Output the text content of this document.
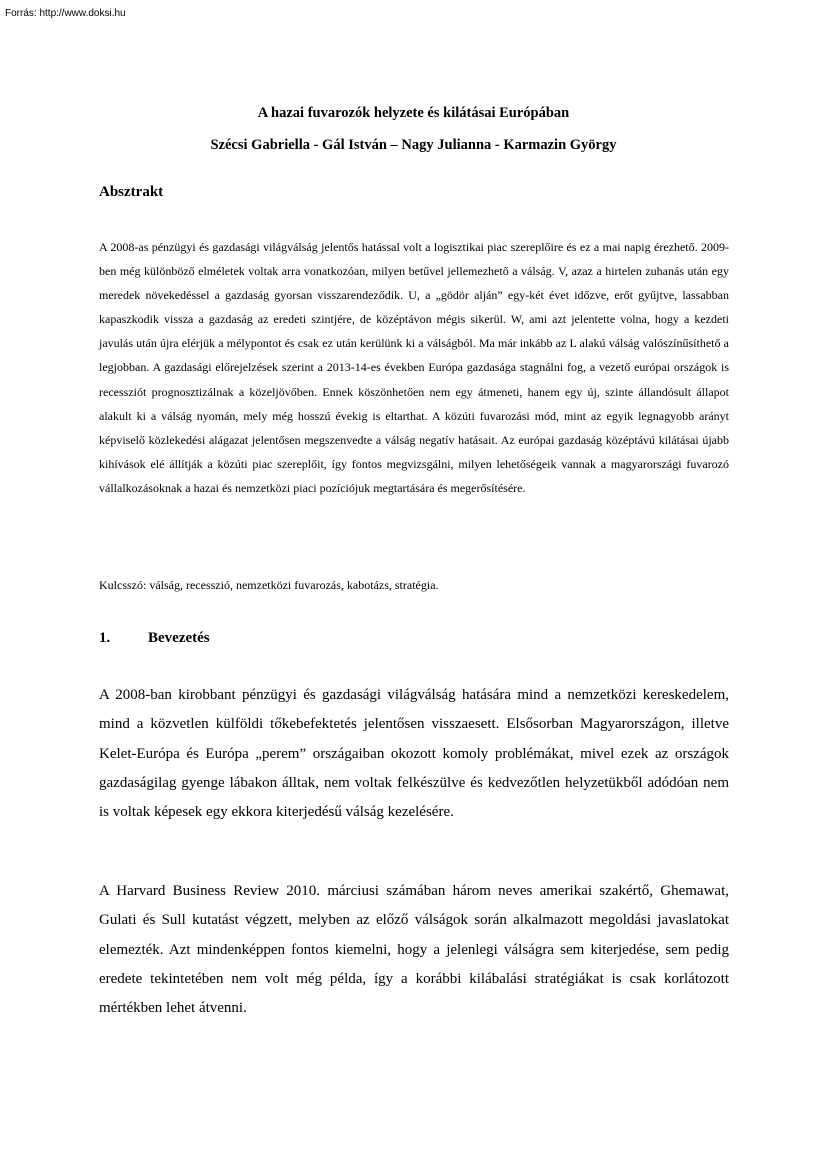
Forrás: http://www.doksi.hu
A hazai fuvarozók helyzete és kilátásai Európában
Szécsi Gabriella - Gál István – Nagy Julianna - Karmazin György
Absztrakt

A 2008-as pénzügyi és gazdasági világválság jelentős hatással volt a logisztikai piac szereplőire és ez a mai napig érezhető. 2009-ben még különböző elméletek voltak arra vonatkozóan, milyen betűvel jellemezhető a válság. V, azaz a hirtelen zuhanás után egy meredek növekedéssel a gazdaság gyorsan visszarendeződik. U, a „gödör alján” egy-két évet időzve, erőt gyűjtve, lassabban kapaszkodik vissza a gazdaság az eredeti szintjére, de középtávon mégis sikerül. W, ami azt jelentette volna, hogy a kezdeti javulás után újra elérjük a mélypontot és csak ez után kerülünk ki a válságból. Ma már inkább az L alakú válság valószínűsíthető a legjobban. A gazdasági előrejelzések szerint a 2013-14-es években Európa gazdasága stagnálni fog, a vezető európai országok is recessziót prognosztizálnak a közeljövőben. Ennek köszönhetően nem egy átmeneti, hanem egy új, szinte állandósult állapot alakult ki a válság nyomán, mely még hosszú évekig is eltarthat. A közúti fuvarozási mód, mint az egyik legnagyobb arányt képviselő közlekedési alágazat jelentősen megszenvedte a válság negatív hatásait. Az európai gazdaság középtávú kilátásai újabb kihívások elé állítják a közúti piac szereplőit, így fontos megvizsgálni, milyen lehetőségeik vannak a magyarországi fuvarozó vállalkozásoknak a hazai és nemzetközi piaci pozíciójuk megtartására és megerősítésére.

Kulcsszó: válság, recesszió, nemzetközi fuvarozás, kabotázs, stratégia.
1.	Bevezetés

A 2008-ban kirobbant pénzügyi és gazdasági világválság hatására mind a nemzetközi kereskedelem, mind a közvetlen külföldi tőkebefektetés jelentősen visszaesett. Elsősorban Magyarországon, illetve Kelet-Európa és Európa „perem” országaiban okozott komoly problémákat, mivel ezek az országok gazdaságilag gyenge lábakon álltak, nem voltak felkészülve és kedvezőtlen helyzetükből adódóan nem is voltak képesek egy ekkora kiterjedésű válság kezelésére.

A Harvard Business Review 2010. márciusi számában három neves amerikai szakértő, Ghemawat, Gulati és Sull kutatást végzett, melyben az előző válságok során alkalmazott megoldási javaslatokat elemezték. Azt mindenképpen fontos kiemelni, hogy a jelenlegi válságra sem kiterjedése, sem pedig eredete tekintetében nem volt még példa, így a korábbi kilábalási stratégiákat is csak korlátozott mértékben lehet átvenni.
